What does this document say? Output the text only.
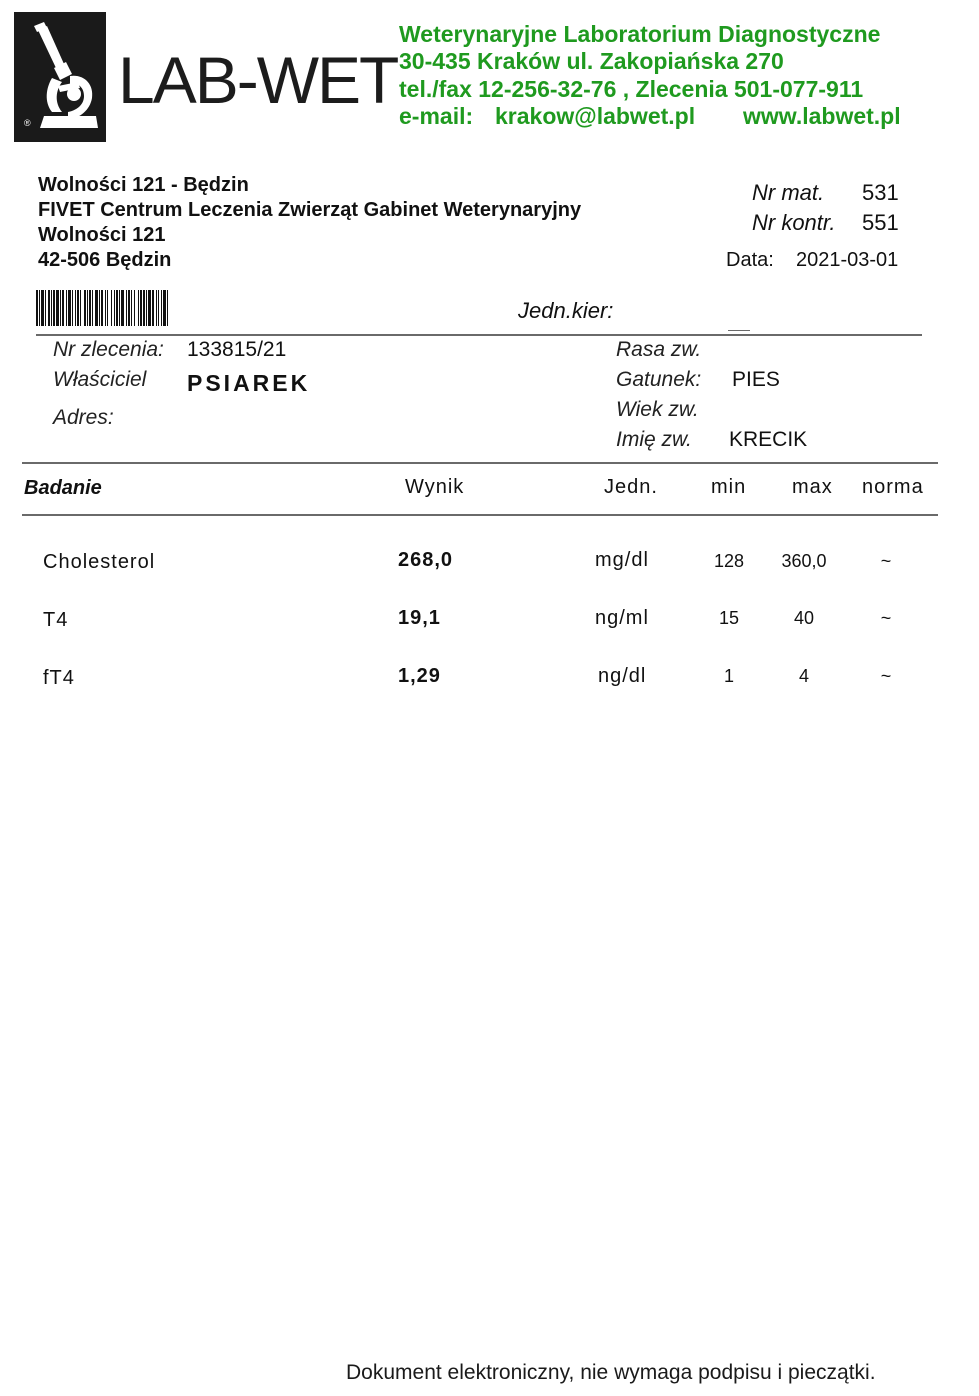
®
LAB-WET
Weterynaryjne Laboratorium Diagnostyczne
30-435 Kraków ul. Zakopiańska 270
tel./fax 12-256-32-76 , Zlecenia 501-077-911
e-mail: krakow@labwet.pl www.labwet.pl
Wolności 121 - Będzin
FIVET Centrum Leczenia Zwierząt Gabinet Weterynaryjny
Wolności 121
42-506 Będzin
Nr mat. 531
Nr kontr. 551
Data: 2021-03-01
Jedn.kier:
Nr zlecenia: 133815/21
Właściciel PSIAREK
Adres:
Rasa zw.
Gatunek: PIES
Wiek zw.
Imię zw. KRECIK
Badanie	Wynik	Jedn.	min max norma
Cholesterol	268,0	mg/dl	128	360,0	~
T4	19,1	ng/ml	15	40	~
fT4	1,29	ng/dl	1	4	~
Dokument elektroniczny, nie wymaga podpisu i pieczątki.
